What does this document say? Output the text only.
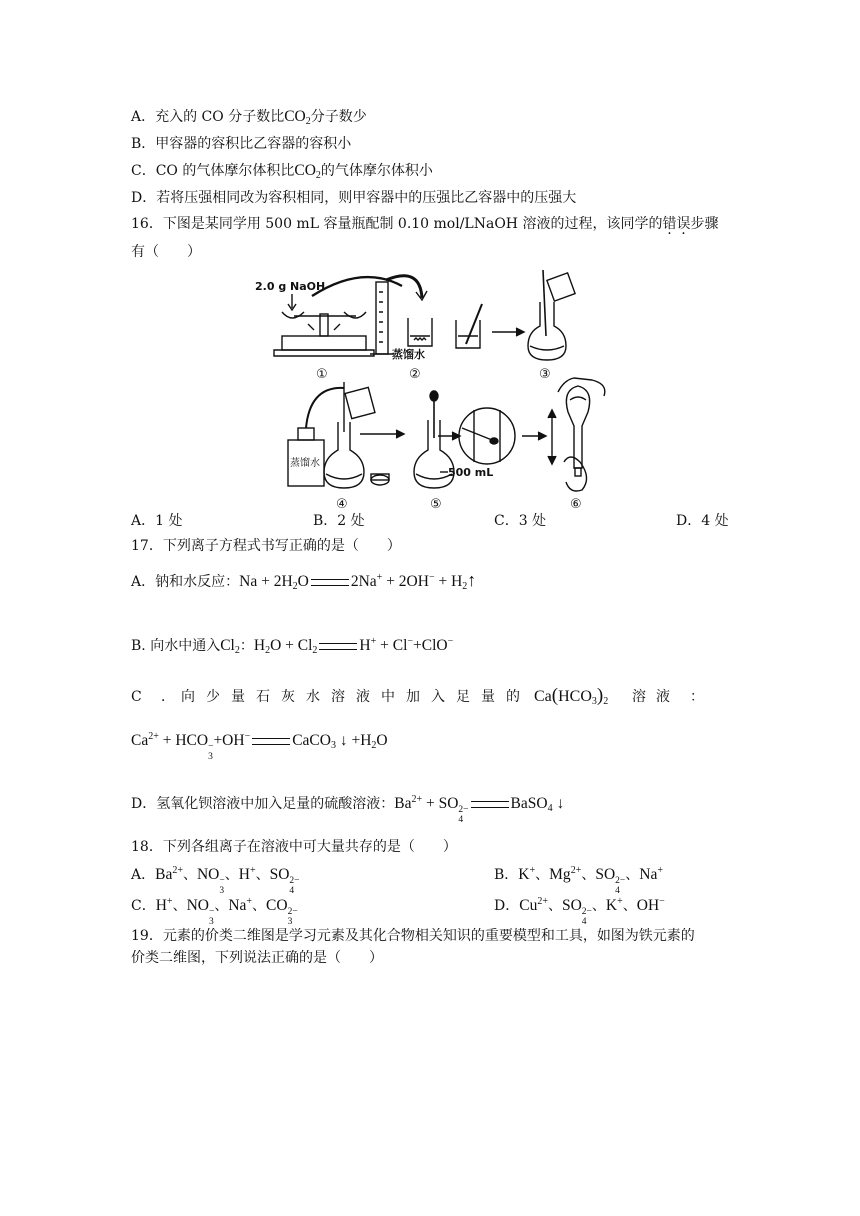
A．充入的 CO 分子数比$CO_2$分子数少
B．甲容器的容积比乙容器的容积小
C．CO 的气体摩尔体积比$CO_2$的气体摩尔体积小
D．若将压强相同改为容积相同，则甲容器中的压强比乙容器中的压强大
16．下图是某同学用 500 mL 容量瓶配制 0.10 mol/LNaOH 溶液的过程，该同学的错误步骤
有（　　）
2.0 g NaOH
蒸馏水
①	②	③
蒸馏水
500 mL
④	⑤	⑥
A．1 处	B．2 处	C．3 处	D．4 处
17．下列离子方程式书写正确的是（　　）
A．钠和水反应：$Na + 2H_2O$	$2Na^+ + 2OH^- + H_2↑$
B. 向水中通入$Cl_2$：$H_2O + Cl_2$	H+ + Cl−+ClO−
C ． 向 少 量 石 灰 水 溶 液 中 加 入 足 量 的 $Ca(HCO_3)_2$ 溶 液 ：
$Ca^{2+}$ + HCO −
3
+OH−	CaCO$_3$ ↓ $+H_2O$
D．氢氧化钡溶液中加入足量的硫酸溶液：$Ba^{2+}$ + SO 2−
4
BaSO$_4$ ↓
18．下列各组离子在溶液中可大量共存的是（　　）
A．$Ba^{2+}$、NO −
3
、H+、SO 2−
4
B．K+、$Mg^{2+}$、SO 2−
4
、Na+
C．H+、NO −
3
、Na+、CO 2−
3
D．$Cu^{2+}$、SO 2−
4
、K+、OH−
19．元素的价类二维图是学习元素及其化合物相关知识的重要模型和工具，如图为铁元素的
价类二维图，下列说法正确的是（　　）
